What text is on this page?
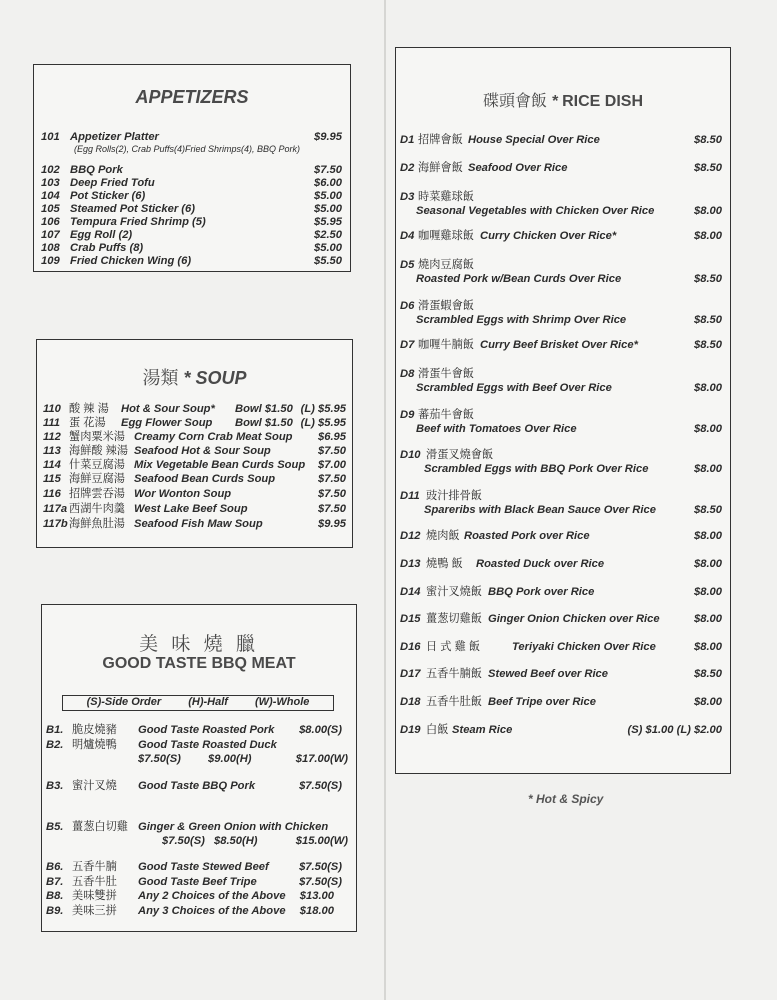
APPETIZERS
101 Appetizer Platter	$9.95
(Egg Rolls(2), Crab Puffs(4)Fried Shrimps(4), BBQ Pork)
102 BBQ Pork	$7.50
103 Deep Fried Tofu	$6.00
104 Pot Sticker (6)	$5.00
105 Steamed Pot Sticker (6)	$5.00
106 Tempura Fried Shrimp (5)	$5.95
107 Egg Roll (2)	$2.50
108 Crab Puffs (8)	$5.00
109 Fried Chicken Wing (6)	$5.50
湯類 * SOUP
110 酸 辣 湯 Hot & Sour Soup* Bowl $1.50 (L) $5.95
111 蛋 花湯 Egg Flower Soup Bowl $1.50 (L) $5.95
112 蟹肉粟米湯 Creamy Corn Crab Meat Soup $6.95
113 海鮮酸 辣湯 Seafood Hot & Sour Soup	$7.50
114 什菜豆腐湯 Mix Vegetable Bean Curds Soup $7.00
115 海鮮豆腐湯 Seafood Bean Curds Soup	$7.50
116 招牌雲吞湯 Wor Wonton Soup	$7.50
117a 西湖牛肉羹 West Lake Beef Soup	$7.50
117b 海鮮魚肚湯 Seafood Fish Maw Soup	$9.95
美 味 燒 臘
GOOD TASTE BBQ MEAT
(S)-Side Order (H)-Half (W)-Whole
B1. 脆皮燒豬 Good Taste Roasted Pork $8.00(S)
B2. 明爐燒鴨 Good Taste Roasted Duck
$7.50(S) $9.00(H)	$17.00(W)
B3. 蜜汁叉燒 Good Taste BBQ Pork	$7.50(S)
B5. 薑葱白切雞 Ginger & Green Onion with Chicken
$7.50(S) $8.50(H)	$15.00(W)
B6. 五香牛腩 Good Taste Stewed Beef	$7.50(S)
B7. 五香牛肚 Good Taste Beef Tripe	$7.50(S)
B8. 美味雙拼 Any 2 Choices of the Above $13.00
B9. 美味三拼 Any 3 Choices of the Above $18.00
碟頭會飯 * RICE DISH
D1 招牌會飯 House Special Over Rice	$8.50
D2 海鮮會飯 Seafood Over Rice	$8.50
D3 時菜雞球飯
Seasonal Vegetables with Chicken Over Rice	$8.00
D4 咖喱雞球飯 Curry Chicken Over Rice*	$8.00
D5 燒肉豆腐飯
Roasted Pork w/Bean Curds Over Rice	$8.50
D6 滑蛋蝦會飯
Scrambled Eggs with Shrimp Over Rice	$8.50
D7 咖喱牛腩飯 Curry Beef Brisket Over Rice*	$8.50
D8 滑蛋牛會飯
Scrambled Eggs with Beef Over Rice	$8.00
D9 蕃茄牛會飯
Beef with Tomatoes Over Rice	$8.00
D10 滑蛋叉燒會飯
Scrambled Eggs with BBQ Pork Over Rice	$8.00
D11 豉汁排骨飯
Spareribs with Black Bean Sauce Over Rice	$8.50
D12 燒肉飯 Roasted Pork over Rice	$8.00
D13 燒鴨 飯 Roasted Duck over Rice	$8.00
D14 蜜汁叉燒飯 BBQ Pork over Rice	$8.00
D15 薑葱切雞飯 Ginger Onion Chicken over Rice	$8.00
D16 日 式 雞 飯	Teriyaki Chicken Over Rice	$8.00
D17 五香牛腩飯 Stewed Beef over Rice	$8.50
D18 五香牛肚飯 Beef Tripe over Rice	$8.00
D19 白飯 Steam Rice	(S) $1.00 (L) $2.00
* Hot & Spicy
